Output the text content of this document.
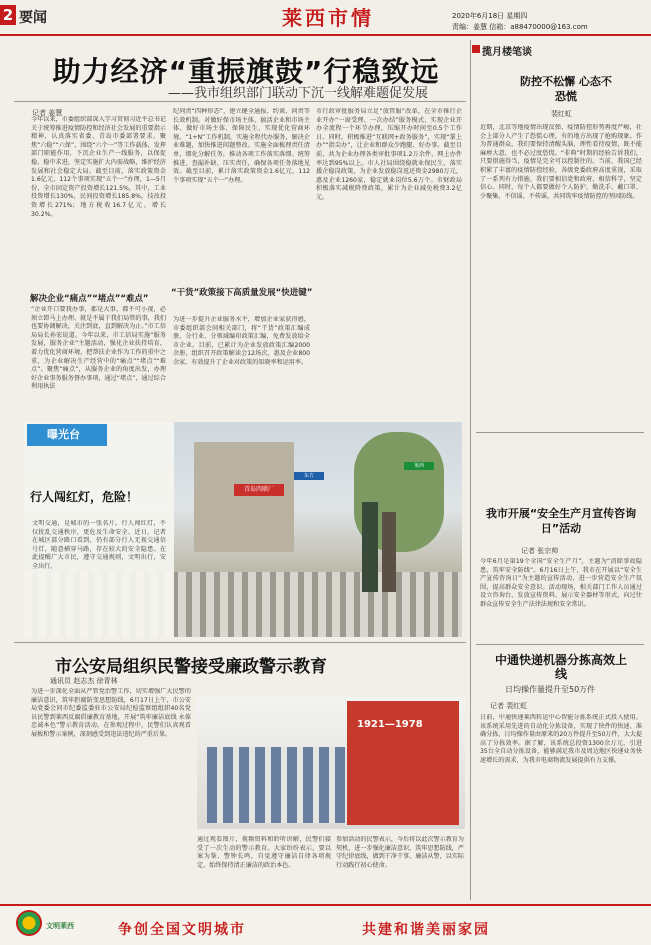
2 要闻	莱西市情	2020年6月18日 星期四
责编：姜慧 信箱：a88470000@163.com
助力经济“重振旗鼓”行稳致远
——我市组织部门联动下沉一线解难题促发展
记者 姜慧
今年以来，市委组织部深入学习贯彻习近平总书记关于统筹推进疫情防控和经济社会发展的重要指示精神，认真落实省委、青岛市委部署要求，聚焦“六稳”“六保”，围绕“六个一”等工作载体，发挥部门职能作用，下沉企业生产一线服务，以保促稳、稳中求进，坚定实施扩大内需战略，维护经济发展和社会稳定大局。截至目前，落实政策资金1.6亿元，112个事项实现“五个一”办理，1—5月份，全市固定资产投资增长121.5%，其中，工业投资增长130%，民间投资增长185.8%，技改投资增长271%；地方税收16.7亿元，增长30.2%。
解决企业“痛点”“堵点”“难点”
“企业开口要我办事，都是大事，都不可小视，必须立即马上办理、就是不属于我们局管的事，我们也要协调解决，关注到底，直到解决为止。”市工信局局长孙宏说道。今年以来，市工信局实施“服务发展，服务企业”主题活动，强化企业扶持培育，着力优化营商环境，把帮扶企业作为工作的重中之重，为企业解决生产经营中的“痛点”“堵点”“难点”。聚焦“痛点”，从服务企业的角度出发，办理好企业事务服务督办事项，通过“堵点”，通过综合利用执法
纪问责“四种形态”，建立健全通报、约谈、问责等长效机制。对做好保市场主体、搞活企业和市场主体、做好市场主体、保障民生，实现优化营商环境、“1+N”工作机制，实施全程代办服务，解决企业难题，加快推进问题整改。实施全面梳理责任清单，细化分解任务，推动各项工作落实落细。统筹推进、查漏补缺、压实责任，确保各项任务落地见效。截至目前，累计落实政策资金1.6亿元，112个事项实现“五个一”办理。
“干货”政策接下高质量发展“快进键”
为进一步提升企业服务水平，增加企业家获得感，市委组织部会同相关部门，将“干货”政策汇编成册，分行业、分领域编印政策汇编，免费发放给全市企业。目前，已累计为企业发放政策汇编2000余册，组织召开政策解读会12场次，惠及企业800余家，有效提升了企业对政策的知晓率和运用率。
市行政审批服务局立足“放管服”改革，在全市推行企业开办“一窗受理、一次办结”服务模式，实现企业开办全流程一个环节办理，压缩开办时间至0.5个工作日。同时，积极推进“互联网+政务服务”，实现“掌上办”“指尖办”，让企业和群众少跑腿、好办事。截至目前，共为企业办理各类审批事项1.2万余件，网上办件率达到95%以上。市人社局围绕稳就业保民生，落实援企稳岗政策，为企业发放稳岗返还资金2980万元，惠及企业1260家，稳定就业岗位5.6万个。市财政局积极落实减税降费政策，累计为企业减免税费3.2亿元。
青岛肉联厂
莱西
东方
曝光台
行人闯红灯，危险！
文明交通，是城市的一张名片。行人闯红灯，不仅扰乱交通秩序，更危及生命安全。近日，记者在城区部分路口看到，仍有部分行人无视交通信号灯，随意横穿马路，存在较大的安全隐患。在此提醒广大市民，遵守交通规则，文明出行，安全出行。
市公安局组织民警接受廉政警示教育
通讯员 赵志杰 徐青林
为进一步深化全面从严管党治警工作，切实增强广大民警的廉洁意识，筑牢拒腐防变思想防线，6月17日上午，市公安局党委会同市纪委监委驻市公安局纪检监察组组织40名党员民警到莱西反腐倡廉教育基地，开展“筑牢廉洁底线 永葆忠诚本色”警示教育活动。在参观过程中，民警们认真观看展板和警示案例，深刻感受到违法违纪的严重后果。
1921—1978
通过观看图片、视频资料和聆听讲解，民警们接受了一次生动的警示教育。大家纷纷表示，要以案为鉴、警钟长鸣，自觉遵守廉洁自律各项规定，始终保持清正廉洁的政治本色。
参加活动的民警表示，今后将以此次警示教育为契机，进一步强化廉洁意识，筑牢思想防线，严守纪律底线，做到干净干事、廉洁从警，以实际行动践行初心使命。
揽月楼笔谈
防控不松懈 心态不恐慌
裴红虹
近期，北京等地疫情出现反弹，疫情防控形势再度严峻，社会上部分人产生了恐慌心理，有的地方出现了抢购现象。作为普通群众，我们要保持清醒头脑，理性看待疫情，既不能麻痹大意，也不必过度恐慌。“非典”时期的经验告诉我们，只要措施得当，疫情是完全可以控制住的。当前，我国已经积累了丰富的疫情防控经验，各级党委政府高度重视，采取了一系列有力措施，我们要相信党和政府，相信科学，坚定信心。同时，每个人都要做好个人防护，勤洗手、戴口罩、少聚集，不信谣、不传谣，共同筑牢疫情防控的坚固防线。
我市开展“安全生产月宣传咨询日”活动
记者 张宗帅
今年6月是第19个全国“安全生产月”，主题为“消除事故隐患，筑牢安全防线”。6月16日上午，我市在开展以“安全生产宣传咨询日”为主题的宣传活动，进一步营造安全生产氛围，提高群众安全意识。活动现场，相关部门工作人员通过设立咨询台、发放宣传资料、展示安全器材等形式，向过往群众宣传安全生产法律法规和安全常识。
中通快递机器分拣高效上线
日均操作量提升至50万件
记者 裴红虹
日前，中通快递莱西转运中心智能分拣系统正式投入使用。该系统采用先进的自动化分拣设备，实现了快件的快速、准确分拣，日均操作量由原来的20万件提升至50万件，大大提高了分拣效率。据了解，该系统总投资1300余万元，引进35台全自动分拣设备，能够满足我市及周边地区快递业务快速增长的需求，为我市电商物流发展提供有力支撑。
文明莱西	争创全国文明城市	共建和谐美丽家园
